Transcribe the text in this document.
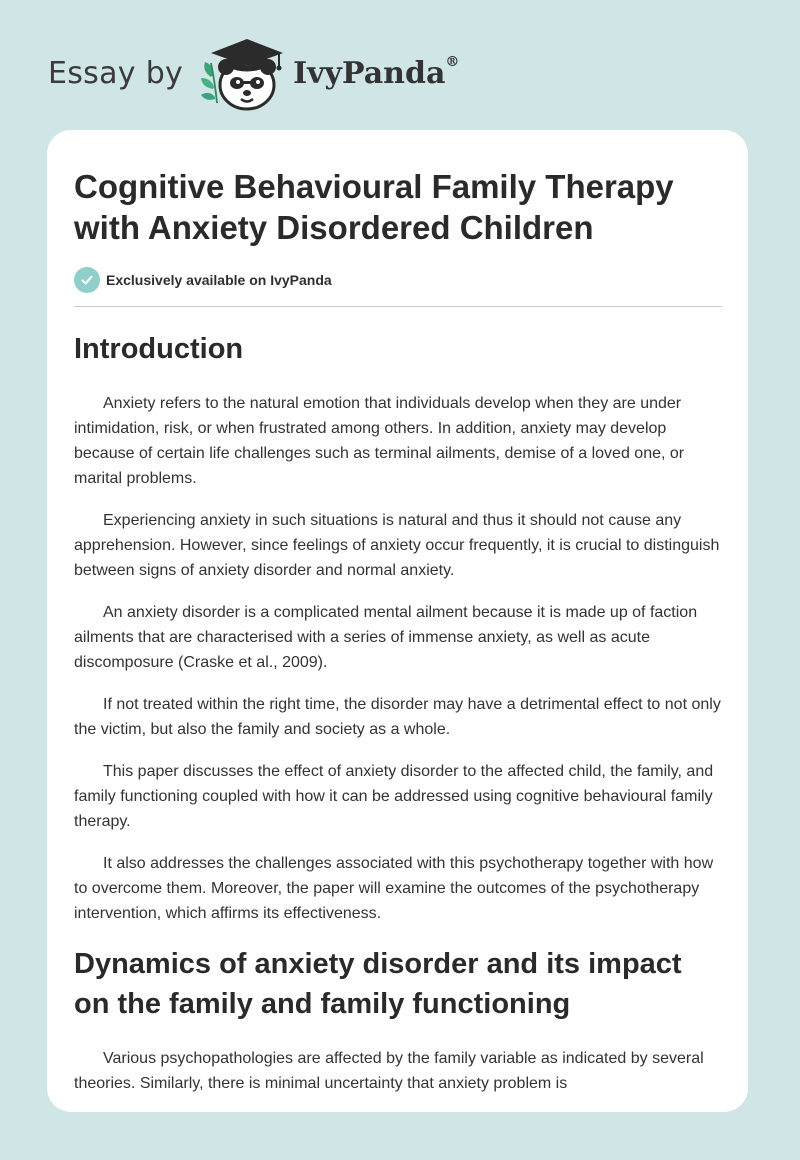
Essay by	IvyPanda®
Cognitive Behavioural Family Therapy with Anxiety Disordered Children
Exclusively available on IvyPanda
Introduction

Anxiety refers to the natural emotion that individuals develop when they are under intimidation, risk, or when frustrated among others. In addition, anxiety may develop because of certain life challenges such as terminal ailments, demise of a loved one, or marital problems.

Experiencing anxiety in such situations is natural and thus it should not cause any apprehension. However, since feelings of anxiety occur frequently, it is crucial to distinguish between signs of anxiety disorder and normal anxiety.

An anxiety disorder is a complicated mental ailment because it is made up of faction ailments that are characterised with a series of immense anxiety, as well as acute discomposure (Craske et al., 2009).

If not treated within the right time, the disorder may have a detrimental effect to not only the victim, but also the family and society as a whole.

This paper discusses the effect of anxiety disorder to the affected child, the family, and family functioning coupled with how it can be addressed using cognitive behavioural family therapy.

It also addresses the challenges associated with this psychotherapy together with how to overcome them. Moreover, the paper will examine the outcomes of the psychotherapy intervention, which affirms its effectiveness.

Dynamics of anxiety disorder and its impact on the family and family functioning

Various psychopathologies are affected by the family variable as indicated by several theories. Similarly, there is minimal uncertainty that anxiety problem is
